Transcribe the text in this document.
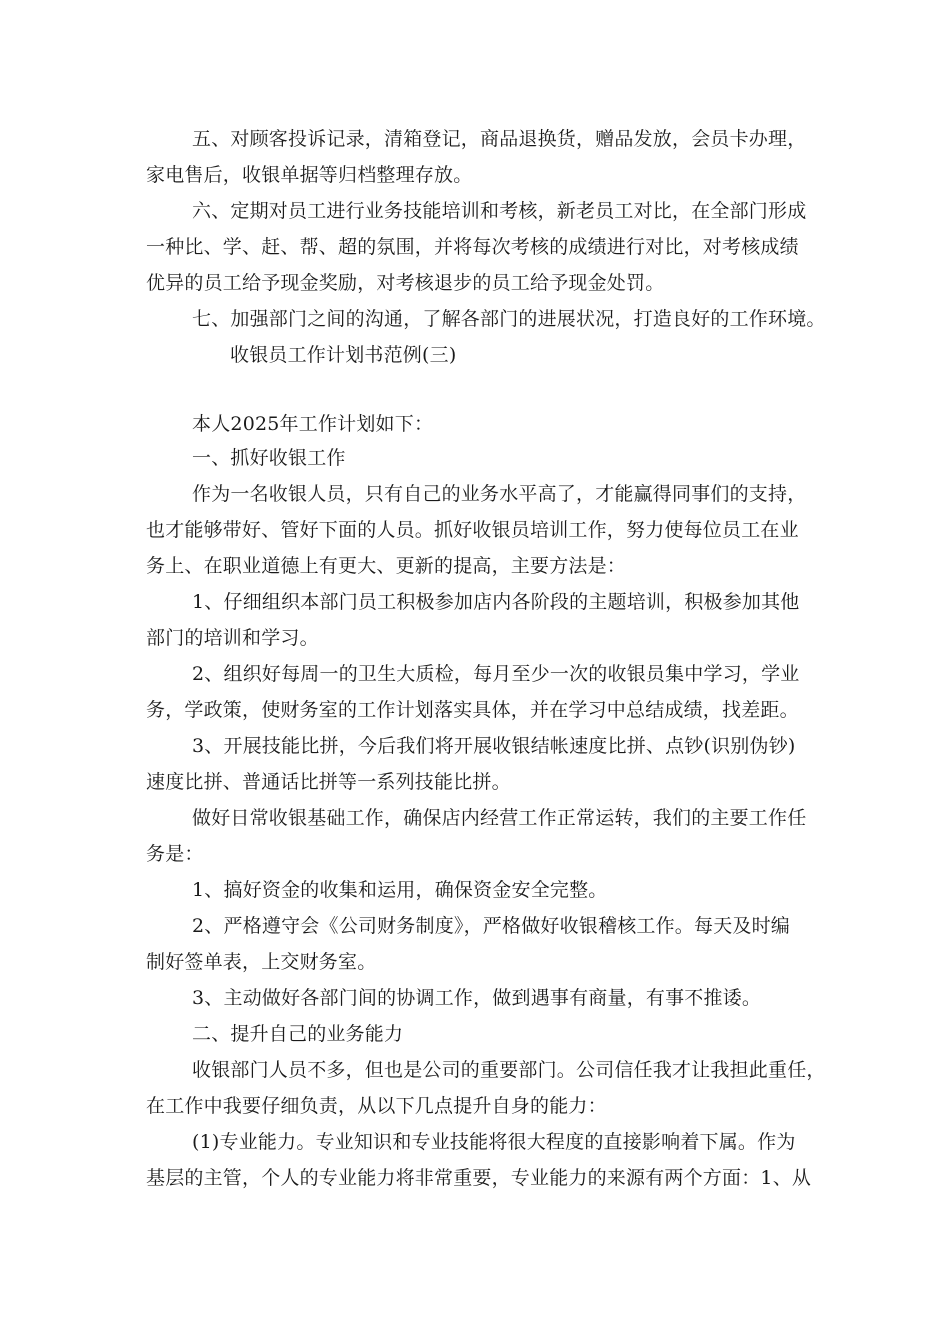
五、对顾客投诉记录，清箱登记，商品退换货，赠品发放，会员卡办理，
家电售后，收银单据等归档整理存放。
六、定期对员工进行业务技能培训和考核，新老员工对比，在全部门形成
一种比、学、赶、帮、超的氛围，并将每次考核的成绩进行对比，对考核成绩
优异的员工给予现金奖励，对考核退步的员工给予现金处罚。
七、加强部门之间的沟通，了解各部门的进展状况，打造良好的工作环境。
收银员工作计划书范例(三)
本人2025年工作计划如下：
一、抓好收银工作
作为一名收银人员，只有自己的业务水平高了，才能赢得同事们的支持，
也才能够带好、管好下面的人员。抓好收银员培训工作，努力使每位员工在业
务上、在职业道德上有更大、更新的提高，主要方法是：
1、仔细组织本部门员工积极参加店内各阶段的主题培训，积极参加其他
部门的培训和学习。
2、组织好每周一的卫生大质检，每月至少一次的收银员集中学习，学业
务，学政策，使财务室的工作计划落实具体，并在学习中总结成绩，找差距。
3、开展技能比拼，今后我们将开展收银结帐速度比拼、点钞(识别伪钞)
速度比拼、普通话比拼等一系列技能比拼。
做好日常收银基础工作，确保店内经营工作正常运转，我们的主要工作任
务是：
1、搞好资金的收集和运用，确保资金安全完整。
2、严格遵守会《公司财务制度》，严格做好收银稽核工作。每天及时编
制好签单表，上交财务室。
3、主动做好各部门间的协调工作，做到遇事有商量，有事不推诿。
二、提升自己的业务能力
收银部门人员不多，但也是公司的重要部门。公司信任我才让我担此重任，
在工作中我要仔细负责，从以下几点提升自身的能力：
(1)专业能力。专业知识和专业技能将很大程度的直接影响着下属。作为
基层的主管，个人的专业能力将非常重要，专业能力的来源有两个方面：1、从
